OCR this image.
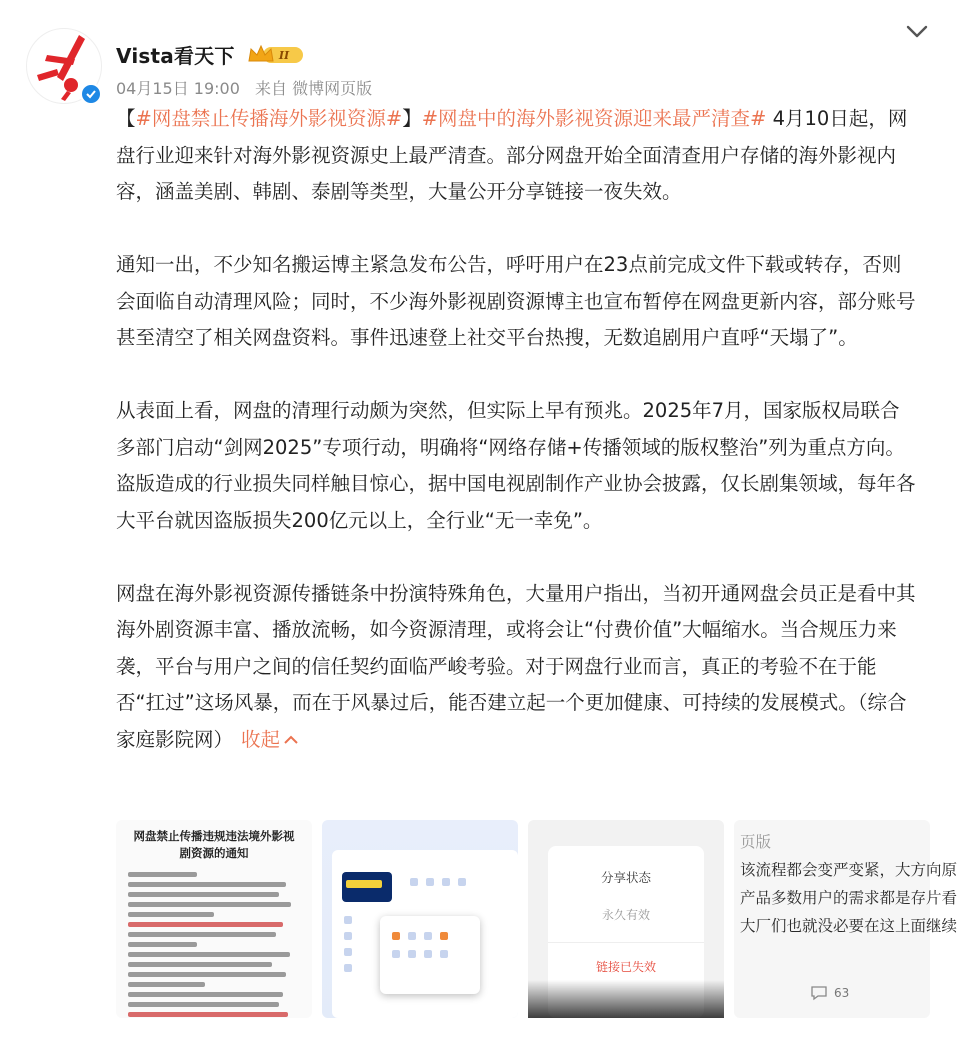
Vista看天下	II
04月15日 19:00 来自 微博网页版

【#网盘禁止传播海外影视资源#】#网盘中的海外影视资源迎来最严清查# 4月10日起，网盘行业迎来针对海外影视资源史上最严清查。部分网盘开始全面清查用户存储的海外影视内容，涵盖美剧、韩剧、泰剧等类型，大量公开分享链接一夜失效。

通知一出，不少知名搬运博主紧急发布公告，呼吁用户在23点前完成文件下载或转存，否则会面临自动清理风险；同时，不少海外影视剧资源博主也宣布暂停在网盘更新内容，部分账号甚至清空了相关网盘资料。事件迅速登上社交平台热搜，无数追剧用户直呼“天塌了”。

从表面上看，网盘的清理行动颇为突然，但实际上早有预兆。2025年7月，国家版权局联合多部门启动“剑网2025”专项行动，明确将“网络存储+传播领域的版权整治”列为重点方向。盗版造成的行业损失同样触目惊心，据中国电视剧制作产业协会披露，仅长剧集领域，每年各大平台就因盗版损失200亿元以上，全行业“无一幸免”。

网盘在海外影视资源传播链条中扮演特殊角色，大量用户指出，当初开通网盘会员正是看中其海外剧资源丰富、播放流畅，如今资源清理，或将会让“付费价值”大幅缩水。当合规压力来袭，平台与用户之间的信任契约面临严峻考验。对于网盘行业而言，真正的考验不在于能否“扛过”这场风暴，而在于风暴过后，能否建立起一个更加健康、可持续的发展模式。（综合家庭影院网） 收起

网盘禁止传播违规违法境外影视剧资源的通知
分享状态
永久有效
链接已失效
页版
该流程都会变严变紧，大方向原
产品多数用户的需求都是存片看
大厂们也就没必要在这上面继续
63
